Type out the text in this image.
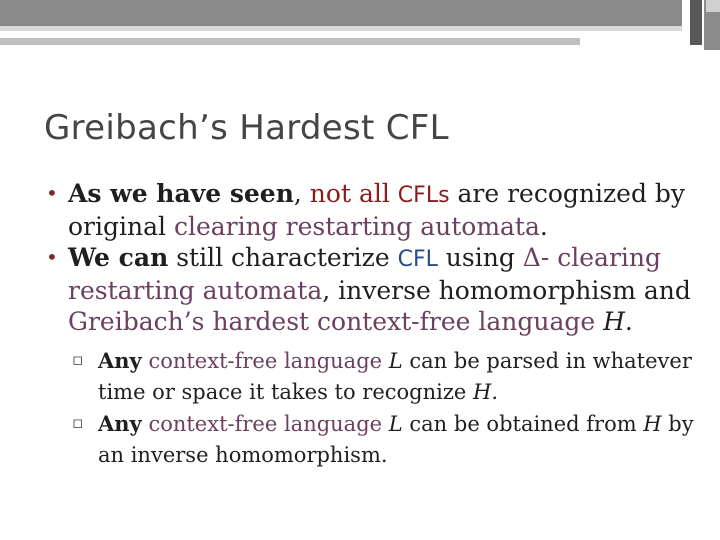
Greibach’s Hardest CFL
• As we have seen, not all CFLs are recognized by original clearing restarting automata.
• We can still characterize CFL using Δ- clearing restarting automata, inverse homomorphism and Greibach’s hardest context-free language H.
▫ Any context-free language L can be parsed in whatever time or space it takes to recognize H.
▫ Any context-free language L can be obtained from H by an inverse homomorphism.
